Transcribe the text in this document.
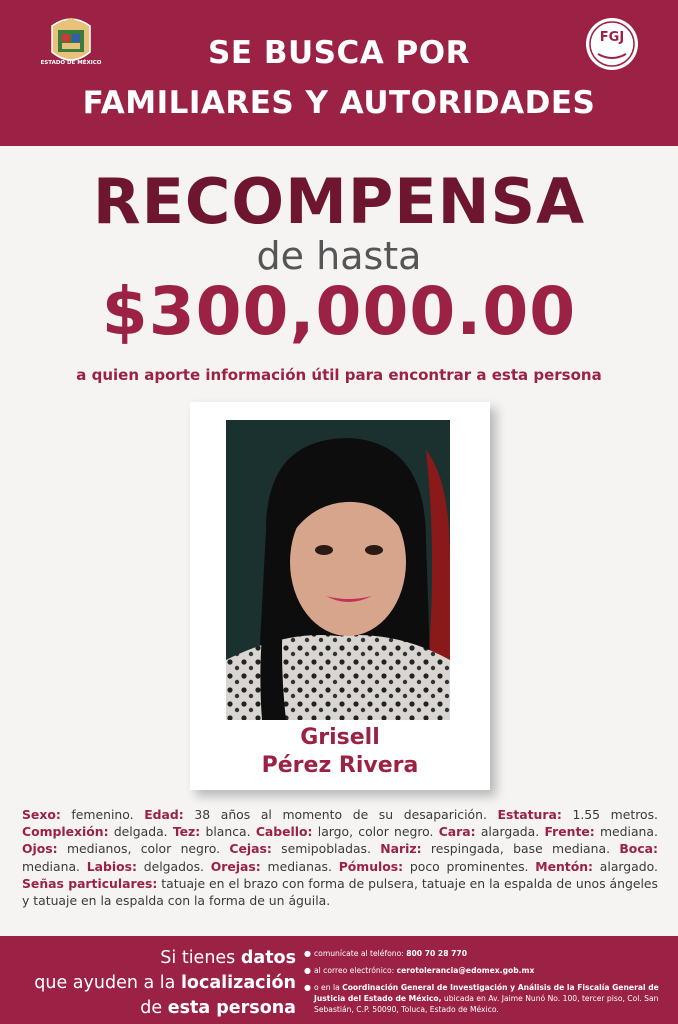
ESTADO DE MÉXICO
FGJ
SE BUSCA POR
FAMILIARES Y AUTORIDADES
RECOMPENSA
de hasta
$300,000.00
a quien aporte información útil para encontrar a esta persona
Grisell
Pérez Rivera
Sexo: femenino. Edad: 38 años al momento de su desaparición. Estatura: 1.55 metros. Complexión: delgada. Tez: blanca. Cabello: largo, color negro. Cara: alargada. Frente: mediana. Ojos: medianos, color negro. Cejas: semipobladas. Nariz: respingada, base mediana. Boca: mediana. Labios: delgados. Orejas: medianas. Pómulos: poco prominentes. Mentón: alargado. Señas particulares: tatuaje en el brazo con forma de pulsera, tatuaje en la espalda de unos ángeles y tatuaje en la espalda con la forma de un águila.
Si tienes datos
que ayuden a la localización
de esta persona
● comunícate al teléfono: 800 70 28 770
● al correo electrónico: cerotolerancia@edomex.gob.mx
● o en la Coordinación General de Investigación y Análisis de la Fiscalía General de Justicia del Estado de México, ubicada en Av. Jaime Nunó No. 100, tercer piso, Col. San Sebastián, C.P. 50090, Toluca, Estado de México.
